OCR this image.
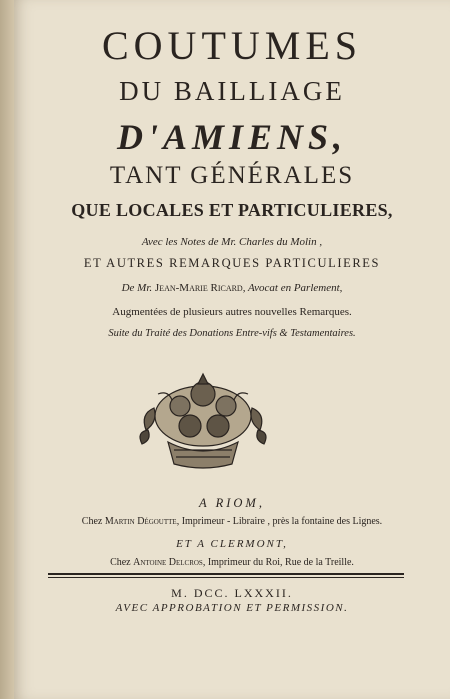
COUTUMES
DU BAILLIAGE
D'AMIENS,
TANT GÉNÉRALES
QUE LOCALES ET PARTICULIERES,
Avec les Notes de Mr. Charles du Molin ,
ET AUTRES REMARQUES PARTICULIERES
De Mr. Jean-Marie Ricard, Avocat en Parlement,
Augmentées de plusieurs autres nouvelles Remarques.
Suite du Traité des Donations Entre-vifs & Testamentaires.
A RIOM,
Chez Martin Dégoutte, Imprimeur - Libraire , près la fontaine des Lignes.
ET A CLERMONT,
Chez Antoine Delcros, Imprimeur du Roi, Rue de la Treille.
M. DCC. LXXXII.
AVEC APPROBATION ET PERMISSION.
